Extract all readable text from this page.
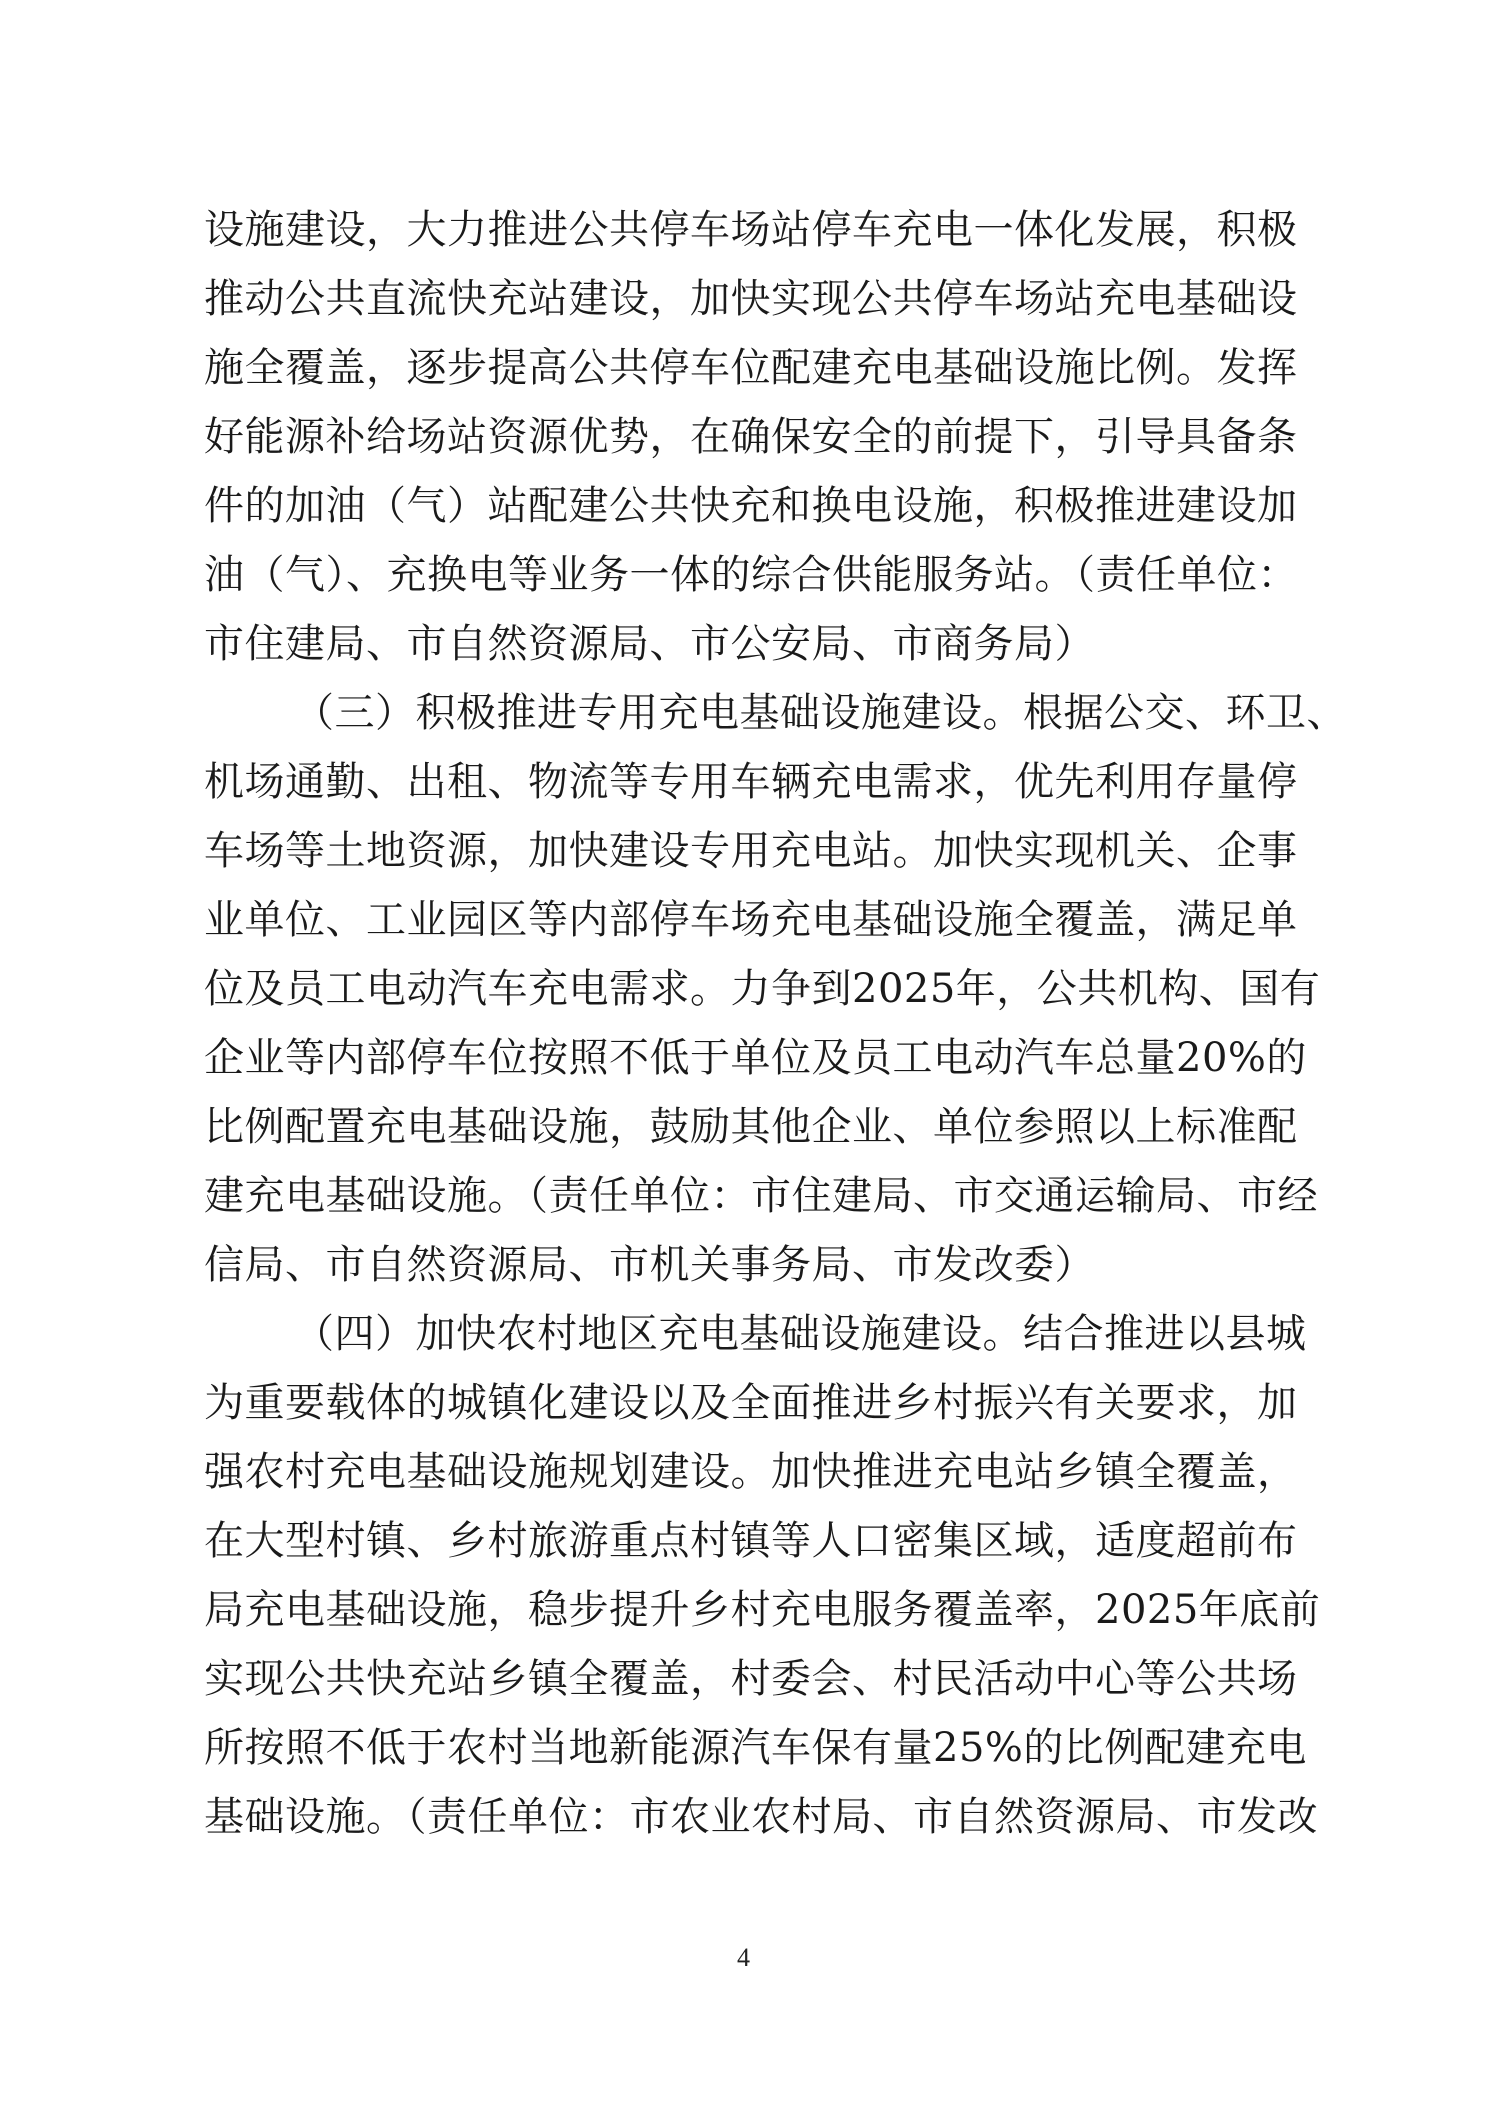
设施建设，大力推进公共停车场站停车充电一体化发展，积极
推动公共直流快充站建设，加快实现公共停车场站充电基础设
施全覆盖，逐步提高公共停车位配建充电基础设施比例。发挥
好能源补给场站资源优势，在确保安全的前提下，引导具备条
件的加油（气）站配建公共快充和换电设施，积极推进建设加
油（气）、充换电等业务一体的综合供能服务站。（责任单位：
市住建局、市自然资源局、市公安局、市商务局）
（三）积极推进专用充电基础设施建设。根据公交、环卫、
机场通勤、出租、物流等专用车辆充电需求，优先利用存量停
车场等土地资源，加快建设专用充电站。加快实现机关、企事
业单位、工业园区等内部停车场充电基础设施全覆盖，满足单
位及员工电动汽车充电需求。力争到2025年，公共机构、国有
企业等内部停车位按照不低于单位及员工电动汽车总量20%的
比例配置充电基础设施，鼓励其他企业、单位参照以上标准配
建充电基础设施。（责任单位：市住建局、市交通运输局、市经
信局、市自然资源局、市机关事务局、市发改委）
（四）加快农村地区充电基础设施建设。结合推进以县城
为重要载体的城镇化建设以及全面推进乡村振兴有关要求，加
强农村充电基础设施规划建设。加快推进充电站乡镇全覆盖，
在大型村镇、乡村旅游重点村镇等人口密集区域，适度超前布
局充电基础设施，稳步提升乡村充电服务覆盖率，2025年底前
实现公共快充站乡镇全覆盖，村委会、村民活动中心等公共场
所按照不低于农村当地新能源汽车保有量25%的比例配建充电
基础设施。（责任单位：市农业农村局、市自然资源局、市发改
4
